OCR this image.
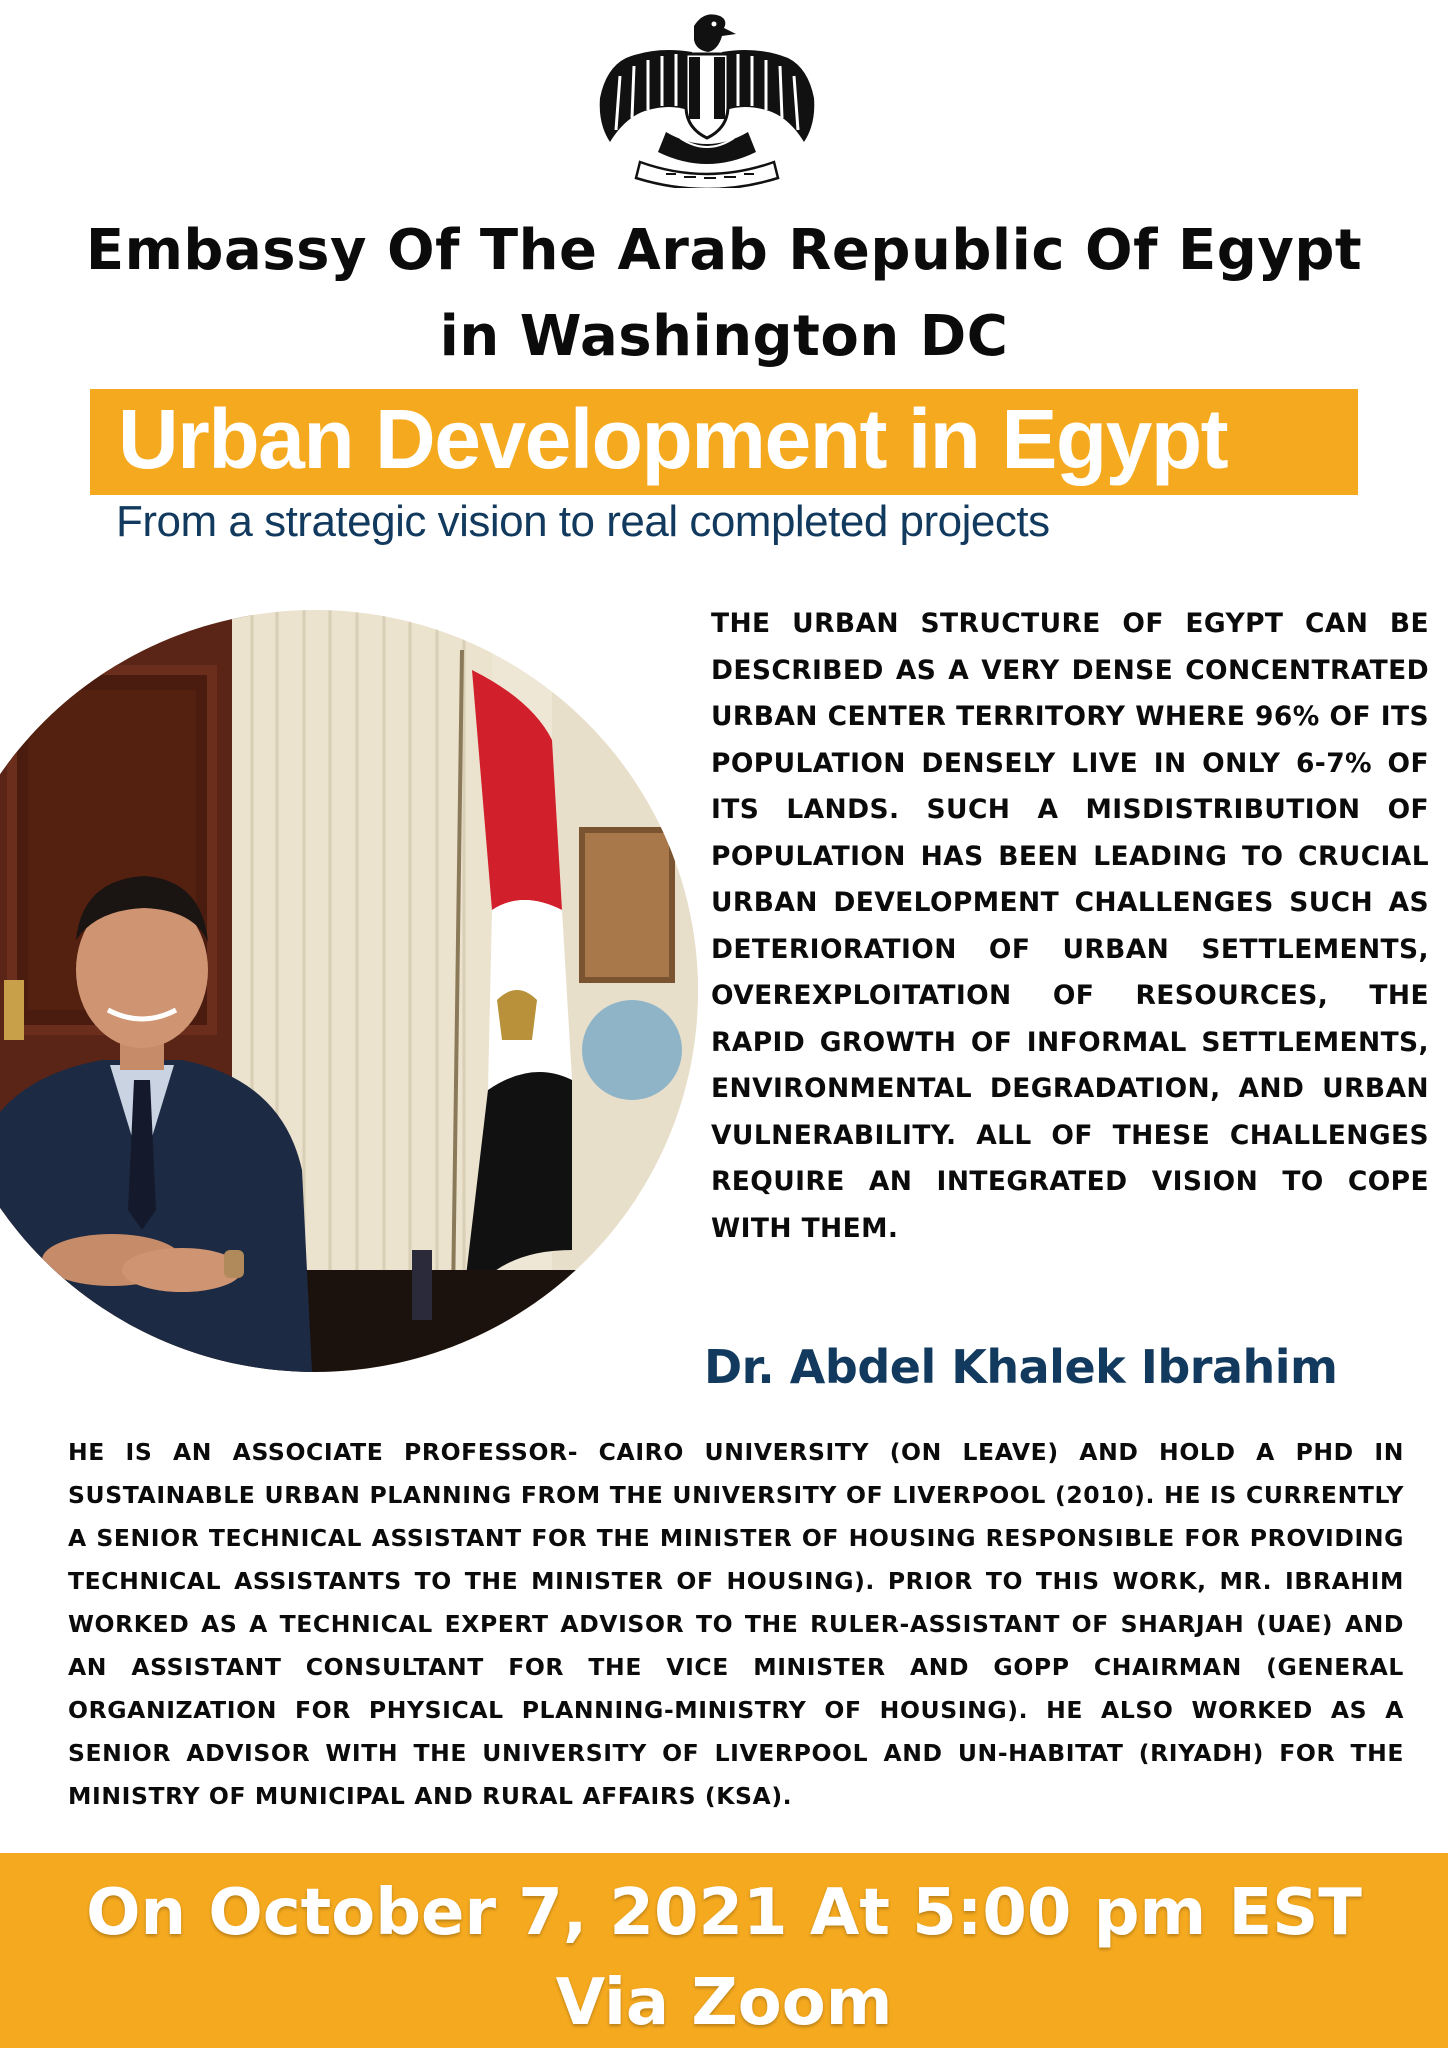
Embassy Of The Arab Republic Of Egypt
in Washington DC
Urban Development in Egypt
From a strategic vision to real completed projects
THE URBAN STRUCTURE OF EGYPT CAN BE DESCRIBED AS A VERY DENSE CONCENTRATED URBAN CENTER TERRITORY WHERE 96% OF ITS POPULATION DENSELY LIVE IN ONLY 6-7% OF ITS LANDS. SUCH A MISDISTRIBUTION OF POPULATION HAS BEEN LEADING TO CRUCIAL URBAN DEVELOPMENT CHALLENGES SUCH AS DETERIORATION OF URBAN SETTLEMENTS, OVEREXPLOITATION OF RESOURCES, THE RAPID GROWTH OF INFORMAL SETTLEMENTS, ENVIRONMENTAL DEGRADATION, AND URBAN VULNERABILITY. ALL OF THESE CHALLENGES REQUIRE AN INTEGRATED VISION TO COPE WITH THEM.
Dr. Abdel Khalek Ibrahim
HE IS AN ASSOCIATE PROFESSOR- CAIRO UNIVERSITY (ON LEAVE) AND HOLD A PHD IN SUSTAINABLE URBAN PLANNING FROM THE UNIVERSITY OF LIVERPOOL (2010). HE IS CURRENTLY A SENIOR TECHNICAL ASSISTANT FOR THE MINISTER OF HOUSING RESPONSIBLE FOR PROVIDING TECHNICAL ASSISTANTS TO THE MINISTER OF HOUSING). PRIOR TO THIS WORK, MR. IBRAHIM WORKED AS A TECHNICAL EXPERT ADVISOR TO THE RULER-ASSISTANT OF SHARJAH (UAE) AND AN ASSISTANT CONSULTANT FOR THE VICE MINISTER AND GOPP CHAIRMAN (GENERAL ORGANIZATION FOR PHYSICAL PLANNING-MINISTRY OF HOUSING). HE ALSO WORKED AS A SENIOR ADVISOR WITH THE UNIVERSITY OF LIVERPOOL AND UN-HABITAT (RIYADH) FOR THE MINISTRY OF MUNICIPAL AND RURAL AFFAIRS (KSA).
On October 7, 2021 At 5:00 pm EST
Via Zoom
